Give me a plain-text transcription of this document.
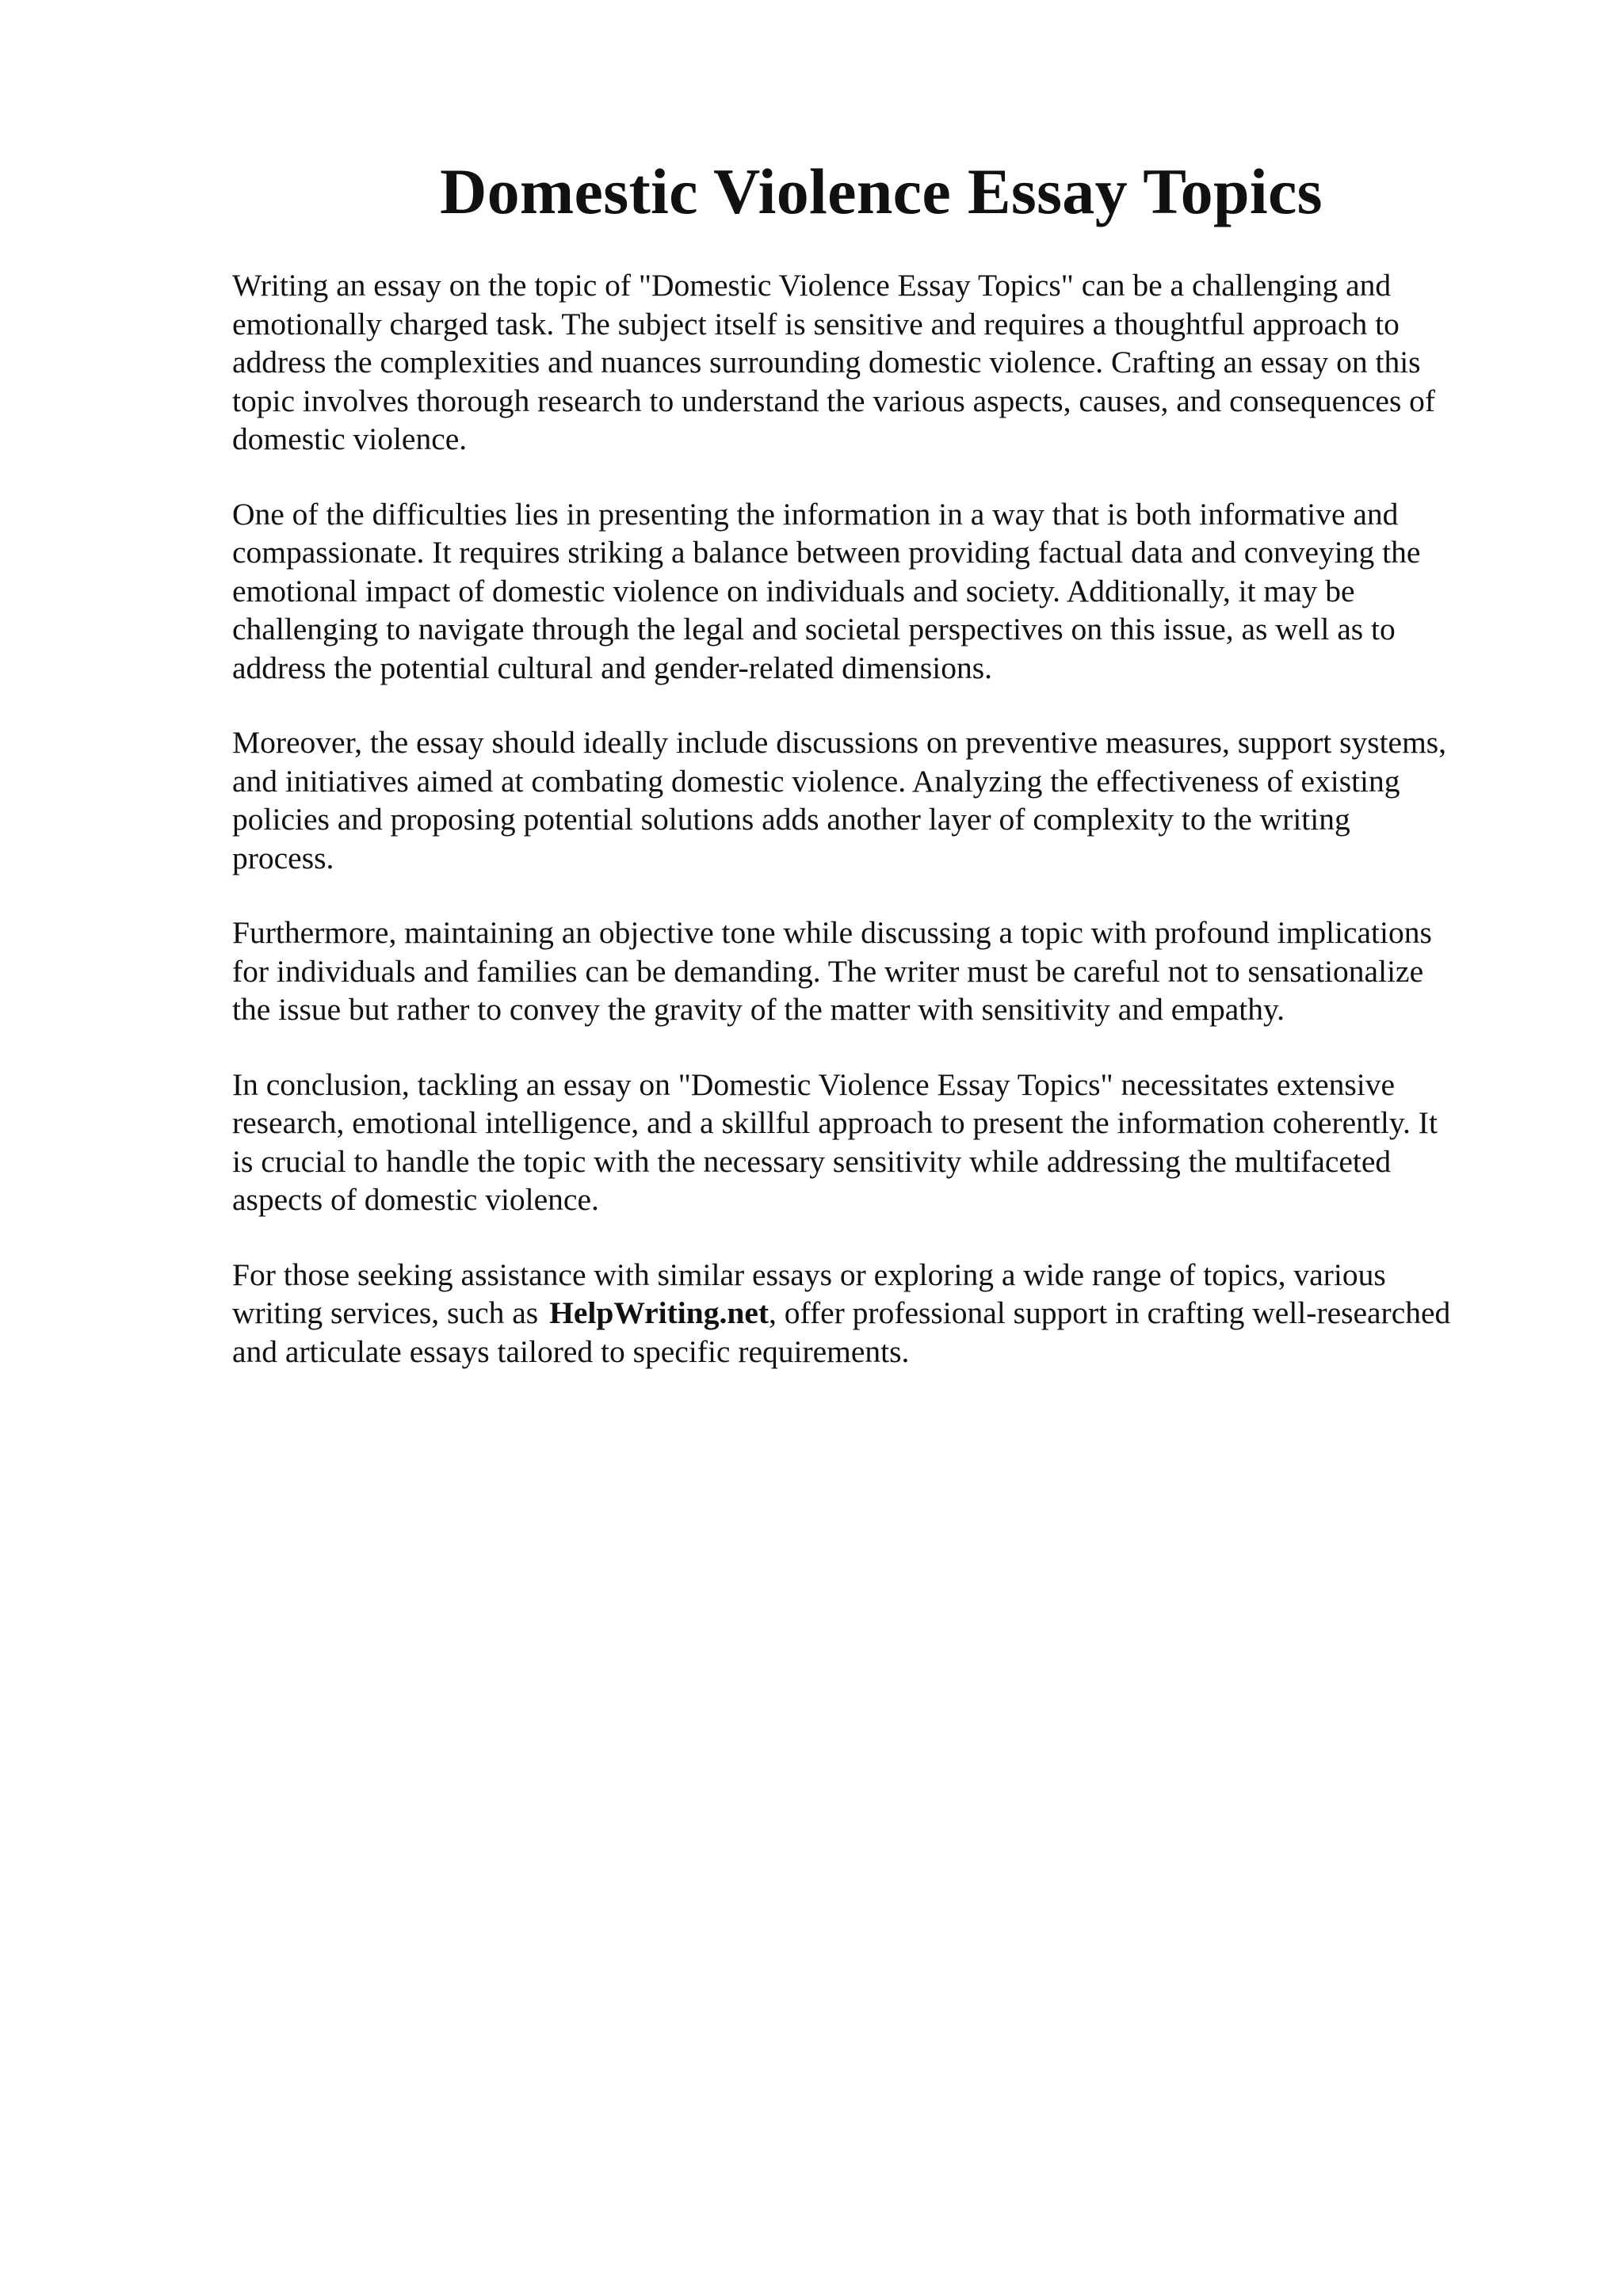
Domestic Violence Essay Topics

Writing an essay on the topic of "Domestic Violence Essay Topics" can be a challenging and
emotionally charged task. The subject itself is sensitive and requires a thoughtful approach to
address the complexities and nuances surrounding domestic violence. Crafting an essay on this
topic involves thorough research to understand the various aspects, causes, and consequences of
domestic violence.

One of the difficulties lies in presenting the information in a way that is both informative and
compassionate. It requires striking a balance between providing factual data and conveying the
emotional impact of domestic violence on individuals and society. Additionally, it may be
challenging to navigate through the legal and societal perspectives on this issue, as well as to
address the potential cultural and gender-related dimensions.

Moreover, the essay should ideally include discussions on preventive measures, support systems,
and initiatives aimed at combating domestic violence. Analyzing the effectiveness of existing
policies and proposing potential solutions adds another layer of complexity to the writing
process.

Furthermore, maintaining an objective tone while discussing a topic with profound implications
for individuals and families can be demanding. The writer must be careful not to sensationalize
the issue but rather to convey the gravity of the matter with sensitivity and empathy.

In conclusion, tackling an essay on "Domestic Violence Essay Topics" necessitates extensive
research, emotional intelligence, and a skillful approach to present the information coherently. It
is crucial to handle the topic with the necessary sensitivity while addressing the multifaceted
aspects of domestic violence.

For those seeking assistance with similar essays or exploring a wide range of topics, various
writing services, such as HelpWriting.net, offer professional support in crafting well-researched
and articulate essays tailored to specific requirements.
